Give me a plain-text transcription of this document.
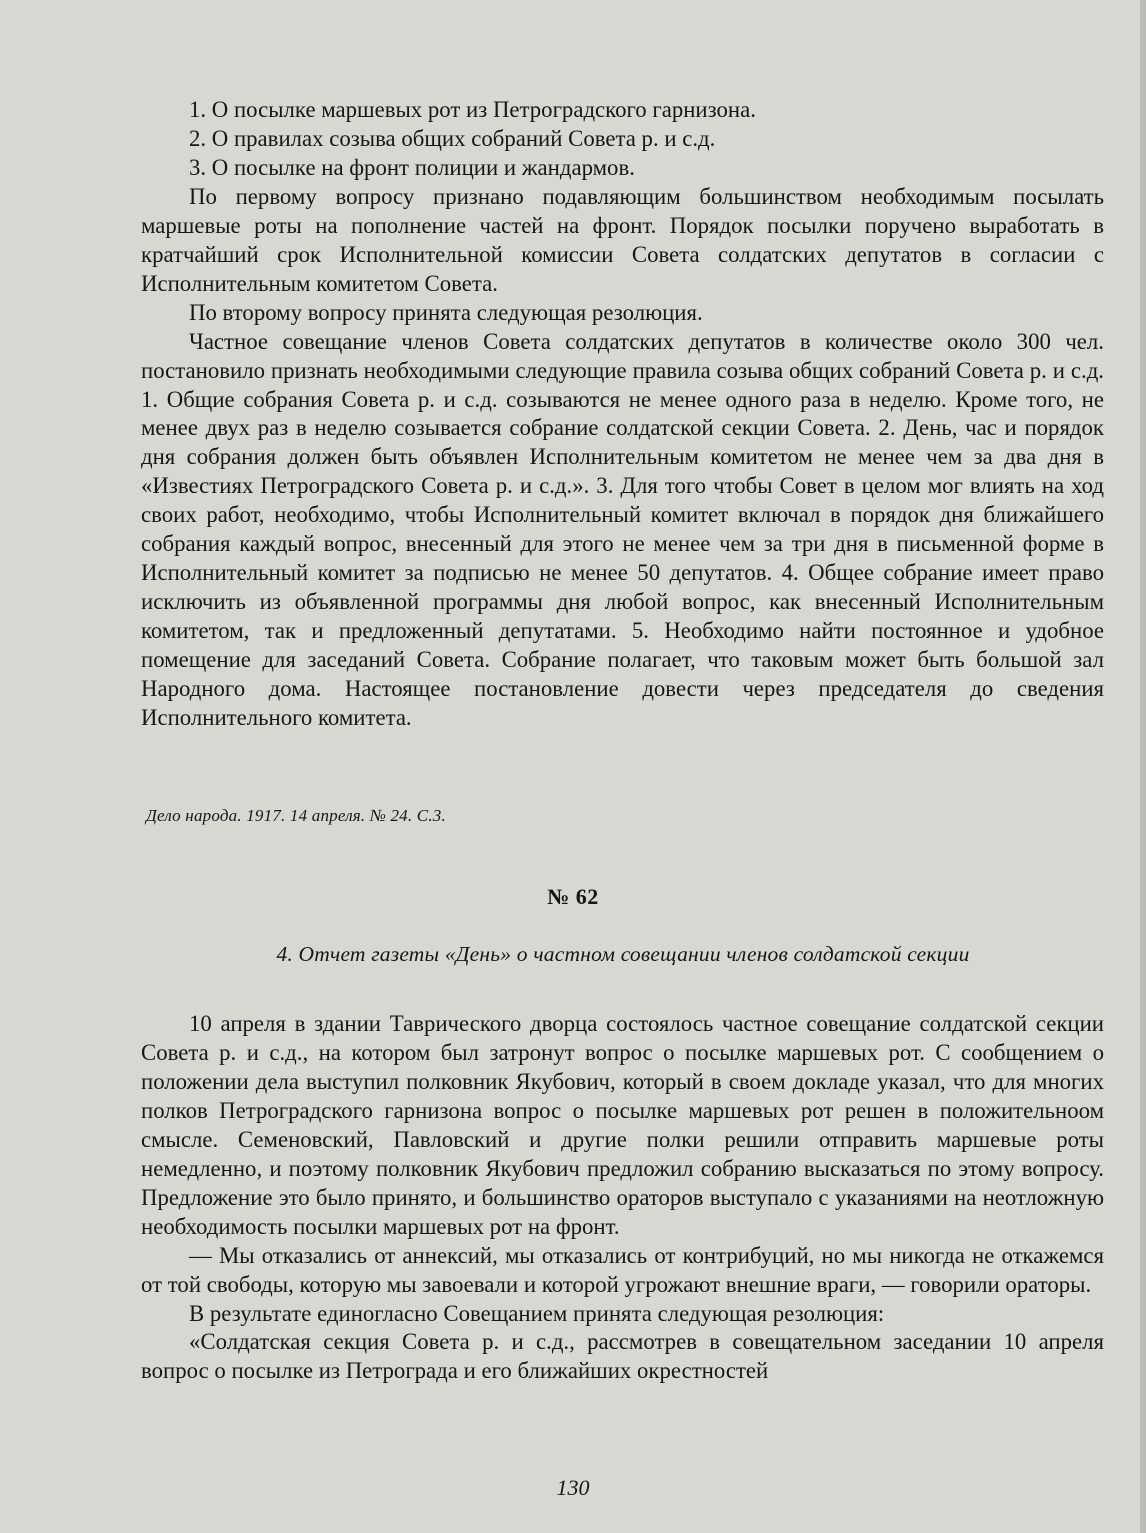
1. О посылке маршевых рот из Петроградского гарнизона.

2. О правилах созыва общих собраний Совета р. и с.д.

3. О посылке на фронт полиции и жандармов.

По первому вопросу признано подавляющим большинством необходимым посылать маршевые роты на пополнение частей на фронт. Порядок посылки поручено выработать в кратчайший срок Исполнительной комиссии Совета солдатских депутатов в согласии с Исполнительным комитетом Совета.

По второму вопросу принята следующая резолюция.

Частное совещание членов Совета солдатских депутатов в количестве около 300 чел. постановило признать необходимыми следующие правила созыва общих собраний Совета р. и с.д. 1. Общие собрания Совета р. и с.д. созываются не менее одного раза в неделю. Кроме того, не менее двух раз в неделю созывается собрание солдатской секции Совета. 2. День, час и порядок дня собрания должен быть объявлен Исполнительным комитетом не менее чем за два дня в «Известиях Петроградского Совета р. и с.д.». 3. Для того чтобы Совет в целом мог влиять на ход своих работ, необходимо, чтобы Исполнительный комитет включал в порядок дня ближайшего собрания каждый вопрос, внесенный для этого не менее чем за три дня в письменной форме в Исполнительный комитет за подписью не менее 50 депутатов. 4. Общее собрание имеет право исключить из объявленной программы дня любой вопрос, как внесенный Исполнительным комитетом, так и предложенный депутатами. 5. Необходимо найти постоянное и удобное помещение для заседаний Совета. Собрание полагает, что таковым может быть большой зал Народного дома. Настоящее постановление довести через председателя до сведения Исполнительного комитета.

Дело народа. 1917. 14 апреля. № 24. С.3.
№ 62
4. Отчет газеты «День» о частном совещании членов солдатской секции

10 апреля в здании Таврического дворца состоялось частное совещание солдатской секции Совета р. и с.д., на котором был затронут вопрос о посылке маршевых рот. С сообщением о положении дела выступил полковник Якубович, который в своем докладе указал, что для многих полков Петроградского гарнизона вопрос о посылке маршевых рот решен в положительноом смысле. Семеновский, Павловский и другие полки решили отправить маршевые роты немедленно, и поэтому полковник Якубович предложил собранию высказаться по этому вопросу. Предложение это было принято, и большинство ораторов выступало с указаниями на неотложную необходимость посылки маршевых рот на фронт.

— Мы отказались от аннексий, мы отказались от контрибуций, но мы никогда не откажемся от той свободы, которую мы завоевали и которой угрожают внешние враги, — говорили ораторы.

В результате единогласно Совещанием принята следующая резолюция:

«Солдатская секция Совета р. и с.д., рассмотрев в совещательном заседании 10 апреля вопрос о посылке из Петрограда и его ближайших окрестностей

130
